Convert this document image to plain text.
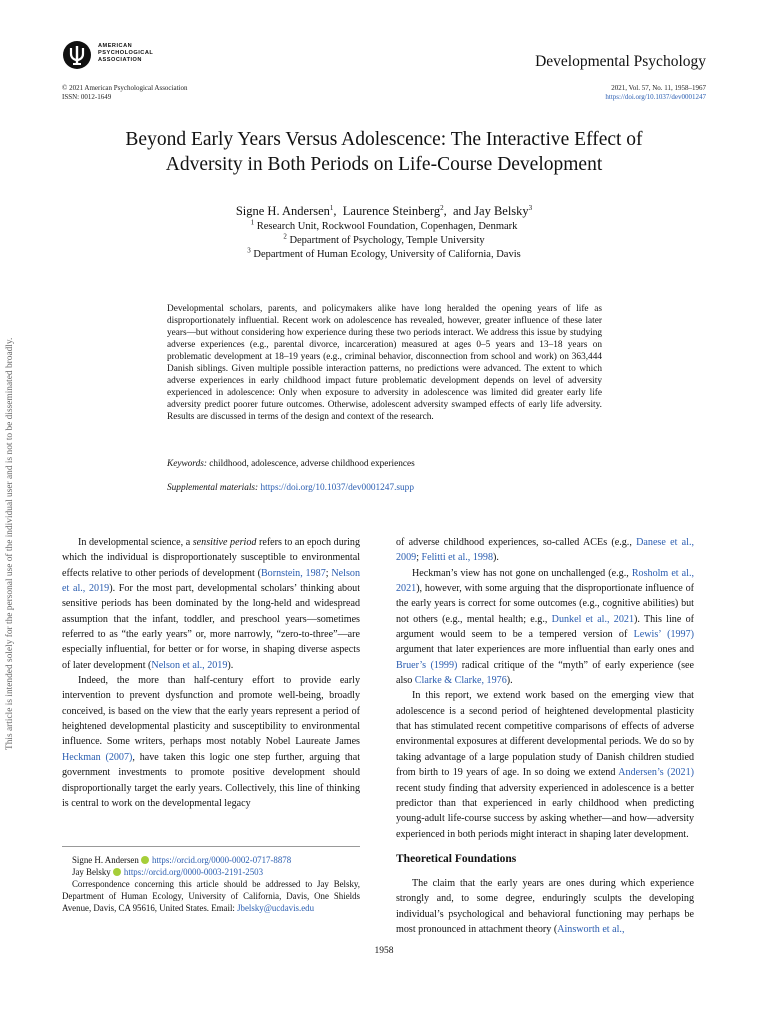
AMERICAN
PSYCHOLOGICAL
ASSOCIATION	Developmental Psychology
© 2021 American Psychological Association
ISSN: 0012-1649
2021, Vol. 57, No. 11, 1958–1967
https://doi.org/10.1037/dev0001247
Beyond Early Years Versus Adolescence: The Interactive Effect of
Adversity in Both Periods on Life-Course Development
Signe H. Andersen$^1$,  Laurence Steinberg$^2$,  and Jay Belsky$^3$
$^1$ Research Unit, Rockwool Foundation, Copenhagen, Denmark
$^2$ Department of Psychology, Temple University
$^3$ Department of Human Ecology, University of California, Davis
This article is intended solely for the personal use of the individual user and is not to be disseminated broadly.
Developmental scholars, parents, and policymakers alike have long heralded the opening years of life as disproportionately influential. Recent work on adolescence has revealed, however, greater influence of these later years—but without considering how experience during these two periods interact. We address this issue by studying adverse experiences (e.g., parental divorce, incarceration) measured at ages 0–5 years and 13–18 years on problematic development at 18–19 years (e.g., criminal behavior, disconnection from school and work) on 363,444 Danish siblings. Given multiple possible interaction patterns, no predictions were advanced. The extent to which adverse experiences in early childhood impact future problematic development depends on level of adversity experienced in adolescence: Only when exposure to adversity in adolescence was limited did greater early life adversity predict poorer future outcomes. Otherwise, adolescent adversity swamped effects of early life adversity. Results are discussed in terms of the design and context of the research.
Keywords: childhood, adolescence, adverse childhood experiences
Supplemental materials: https://doi.org/10.1037/dev0001247.supp

In developmental science, a sensitive period refers to an epoch during which the individual is disproportionately susceptible to environmental effects relative to other periods of development (Bornstein, 1987; Nelson et al., 2019). For the most part, developmental scholars’ thinking about sensitive periods has been dominated by the long-held and widespread assumption that the infant, toddler, and preschool years—sometimes referred to as “the early years” or, more narrowly, “zero-to-three”—are especially influential, for better or for worse, in shaping diverse aspects of later development (Nelson et al., 2019).

Indeed, the more than half-century effort to provide early intervention to prevent dysfunction and promote well-being, broadly conceived, is based on the view that the early years represent a period of heightened developmental plasticity and susceptibility to environmental influence. Some writers, perhaps most notably Nobel Laureate James Heckman (2007), have taken this logic one step further, arguing that government investments to promote positive development should disproportionally target the early years. Collectively, this line of thinking is central to work on the developmental legacy

of adverse childhood experiences, so-called ACEs (e.g., Danese et al., 2009; Felitti et al., 1998).

Heckman’s view has not gone on unchallenged (e.g., Rosholm et al., 2021), however, with some arguing that the disproportionate influence of the early years is correct for some outcomes (e.g., cognitive abilities) but not others (e.g., mental health; e.g., Dunkel et al., 2021). This line of argument would seem to be a tempered version of Lewis’ (1997) argument that later experiences are more influential than early ones and Bruer’s (1999) radical critique of the “myth” of early experience (see also Clarke & Clarke, 1976).

In this report, we extend work based on the emerging view that adolescence is a second period of heightened developmental plasticity that has stimulated recent competitive comparisons of effects of adverse environmental exposures at different developmental periods. We do so by taking advantage of a large population study of Danish children studied from birth to 19 years of age. In so doing we extend Andersen’s (2021) recent study finding that adversity experienced in adolescence is a better predictor than that experienced in early childhood when predicting young-adult life-course success by asking whether—and how—adversity experienced in both periods might interact in shaping later development.

Theoretical Foundations

The claim that the early years are ones during which experience strongly and, to some degree, enduringly sculpts the developing individual’s psychological and behavioral functioning may perhaps be most pronounced in attachment theory (Ainsworth et al.,

Signe H. Andersen https://orcid.org/0000-0002-0717-8878

Jay Belsky https://orcid.org/0000-0003-2191-2503

Correspondence concerning this article should be addressed to Jay Belsky, Department of Human Ecology, University of California, Davis, One Shields Avenue, Davis, CA 95616, United States. Email: Jbelsky@ucdavis.edu

1958
